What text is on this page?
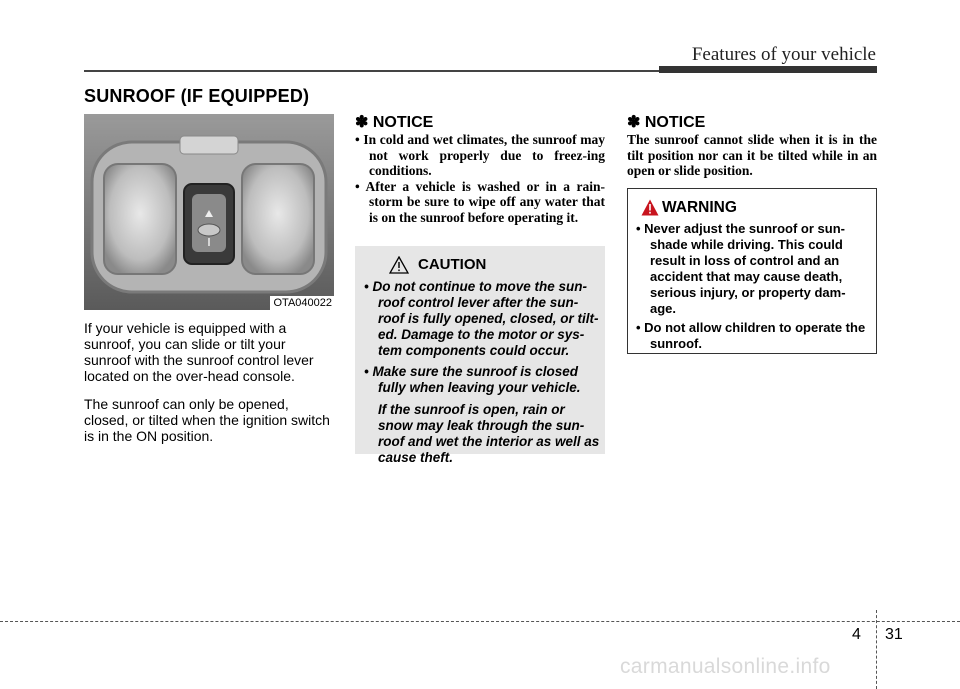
Features of your vehicle
SUNROOF (IF EQUIPPED)
OTA040022
If your vehicle is equipped with a sunroof, you can slide or tilt your sunroof with the sunroof control lever located on the over-head console.
The sunroof can only be opened, closed, or tilted when the ignition switch is in the ON position.
✽ NOTICE
• In cold and wet climates, the sunroof may not work properly due to freez-ing conditions.
• After a vehicle is washed or in a rain-storm be sure to wipe off any water that is on the sunroof before operating it.
CAUTION
• Do not continue to move the sun-roof control lever after the sun-roof is fully opened, closed, or tilt-ed. Damage to the motor or sys-tem components could occur.
• Make sure the sunroof is closed fully when leaving your vehicle.
If the sunroof is open, rain or snow may leak through the sun-roof and wet the interior as well as cause theft.
✽ NOTICE
The sunroof cannot slide when it is in the tilt position nor can it be tilted while in an open or slide position.
WARNING
• Never adjust the sunroof or sun-shade while driving. This could result in loss of control and an accident that may cause death, serious injury, or property dam-age.
• Do not allow children to operate the sunroof.
4 31
carmanualsonline.info
